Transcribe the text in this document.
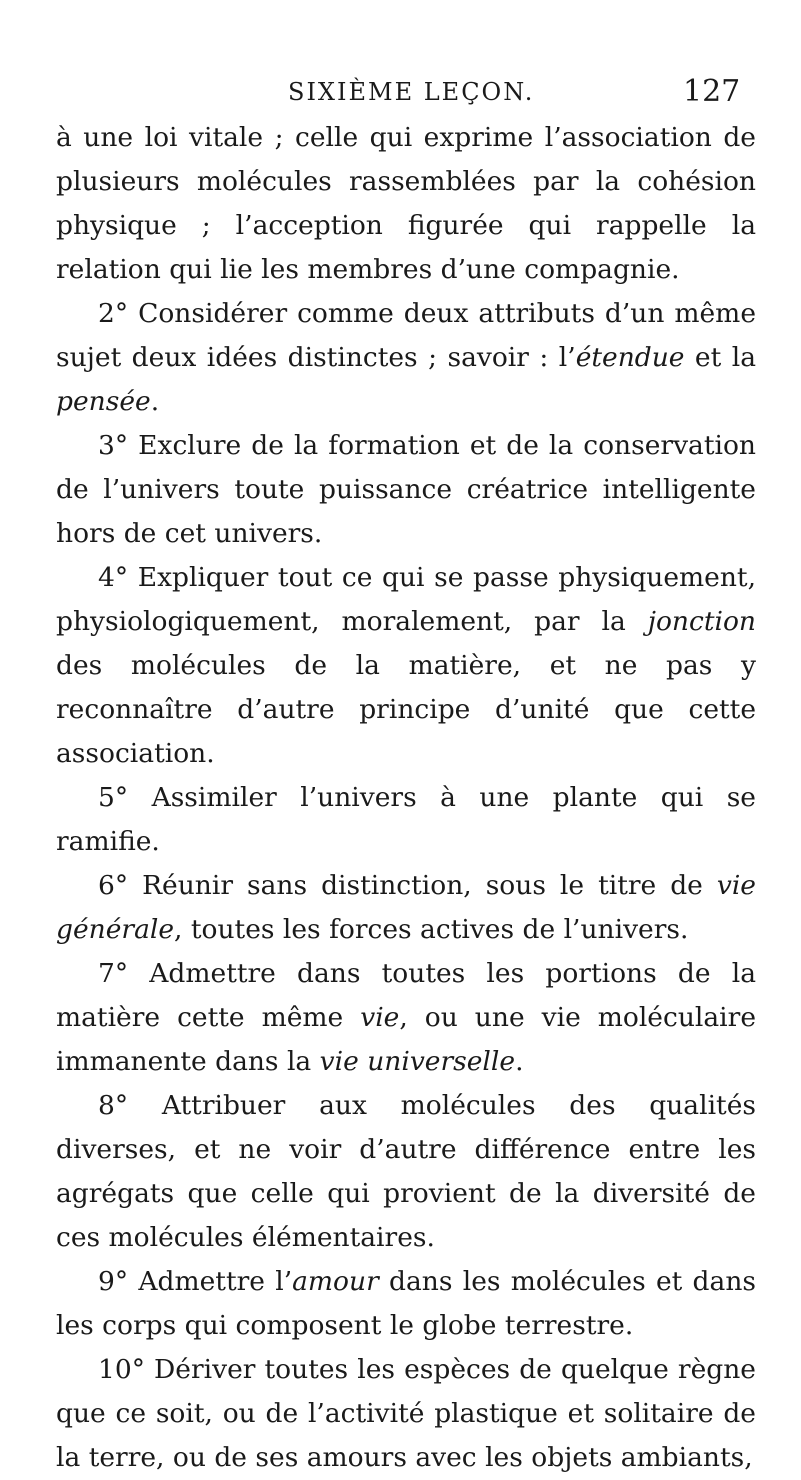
SIXIÈME LEÇON.	127

à une loi vitale ; celle qui exprime l’association de plusieurs molécules rassemblées par la cohésion physique ; l’acception figurée qui rappelle la relation qui lie les membres d’une compagnie.

2° Considérer comme deux attributs d’un même sujet deux idées distinctes ; savoir : l’étendue et la pensée.

3° Exclure de la formation et de la conservation de l’univers toute puissance créatrice intelligente hors de cet univers.

4° Expliquer tout ce qui se passe physiquement, physiologiquement, moralement, par la jonction des molécules de la matière, et ne pas y reconnaître d’autre principe d’unité que cette association.

5° Assimiler l’univers à une plante qui se ramifie.

6° Réunir sans distinction, sous le titre de vie générale, toutes les forces actives de l’univers.

7° Admettre dans toutes les portions de la matière cette même vie, ou une vie moléculaire immanente dans la vie universelle.

8° Attribuer aux molécules des qualités diverses, et ne voir d’autre différence entre les agrégats que celle qui provient de la diversité de ces molécules élémentaires.

9° Admettre l’amour dans les molécules et dans les corps qui composent le globe terrestre.

10° Dériver toutes les espèces de quelque règne que ce soit, ou de l’activité plastique et solitaire de la terre, ou de ses amours avec les objets ambiants,
